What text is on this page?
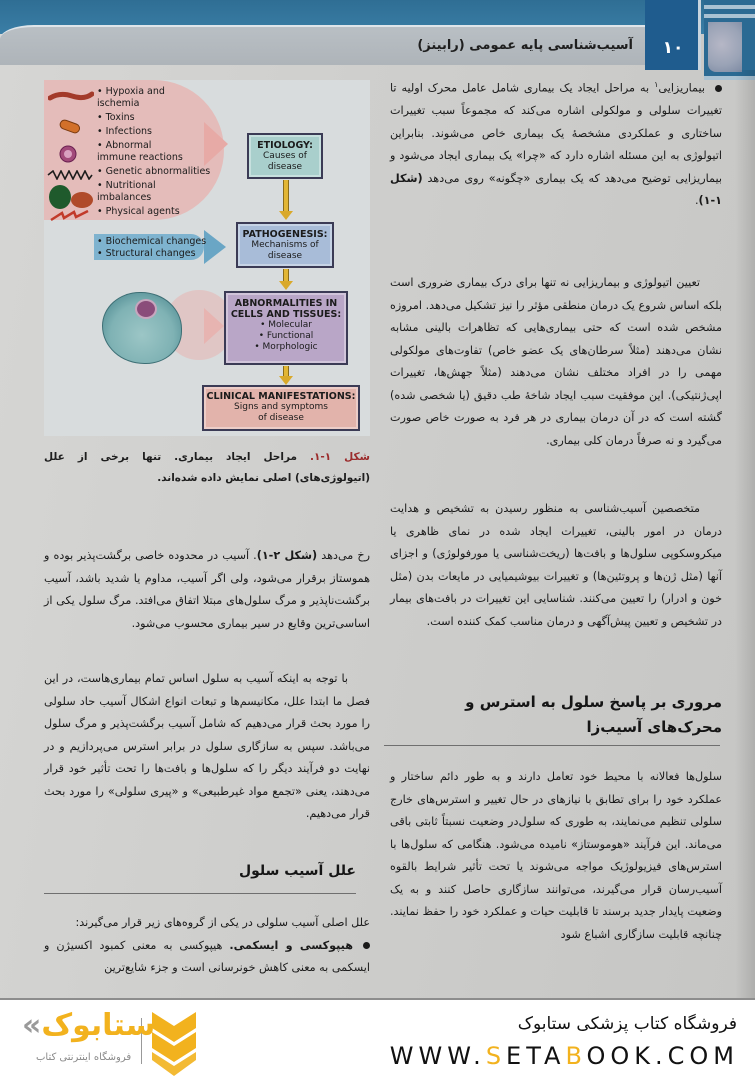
آسیب‌شناسی پایه عمومی (رابینز)	۱۰
• Hypoxia and ischemia
• Toxins
• Infections
• Abnormal immune reactions
• Genetic abnormalities
• Nutritional imbalances
• Physical agents
• Biochemical changes
• Structural changes
ETIOLOGY:
Causes of
disease
PATHOGENESIS:
Mechanisms of
disease
ABNORMALITIES IN
CELLS AND TISSUES:
• Molecular
• Functional
• Morphologic
CLINICAL MANIFESTATIONS:
Signs and symptoms
of disease
شکل ۱-۱. مراحل ایجاد بیماری. تنها برخی از علل (اتیولوژی‌های) اصلی نمایش داده شده‌اند.

بیماریزایی$^۱$ به مراحل ایجاد یک بیماری شامل عامل محرک اولیه تا تغییرات سلولی و مولکولی اشاره می‌کند که مجموعاً سبب تغییرات ساختاری و عملکردی مشخصهٔ یک بیماری خاص می‌شوند. بنابراین اتیولوژی به این مسئله اشاره دارد که «چرا» یک بیماری ایجاد می‌شود و بیماریزایی توضیح می‌دهد که یک بیماری «چگونه» روی می‌دهد (شکل ۱-۱).

تعیین اتیولوژی و بیماریزایی نه تنها برای درک بیماری ضروری است بلکه اساس شروع یک درمان منطقی مؤثر را نیز تشکیل می‌دهد. امروزه مشخص شده است که حتی بیماری‌هایی که تظاهرات بالینی مشابه نشان می‌دهند (مثلاً سرطان‌های یک عضو خاص) تفاوت‌های مولکولی مهمی را در افراد مختلف نشان می‌دهند (مثلاً جهش‌ها، تغییرات اپی‌ژنتیکی). این موفقیت سبب ایجاد شاخهٔ طب دقیق (یا شخصی شده) گشته است که در آن درمان بیماری در هر فرد به صورت خاص صورت می‌گیرد و نه صرفاً درمان کلی بیماری.

متخصصین آسیب‌شناسی به منظور رسیدن به تشخیص و هدایت درمان در امور بالینی، تغییرات ایجاد شده در نمای ظاهری یا میکروسکوپی سلول‌ها و بافت‌ها (ریخت‌شناسی یا مورفولوژی) و اجزای آنها (مثل ژن‌ها و پروتئین‌ها) و تغییرات بیوشیمیایی در مایعات بدن (مثل خون و ادرار) را تعیین می‌کنند. شناسایی این تغییرات در بافت‌های بیمار در تشخیص و تعیین پیش‌آگهی و درمان مناسب کمک کننده است.

مروری بر پاسخ سلول به استرس و محرک‌های آسیب‌زا

سلول‌ها فعالانه با محیط خود تعامل دارند و به طور دائم ساختار و عملکرد خود را برای تطابق با نیازهای در حال تغییر و استرس‌های خارج سلولی تنظیم می‌نمایند، به طوری که سلول‌در وضعیت نسبتاً ثابتی باقی می‌ماند. این فرآیند «هوموستاز» نامیده می‌شود. هنگامی که سلول‌ها با استرس‌های فیزیولوژیک مواجه می‌شوند یا تحت تأثیر شرایط بالقوه آسیب‌رسان قرار می‌گیرند، می‌توانند سازگاری حاصل کنند و به یک وضعیت پایدار جدید برسند تا قابلیت حیات و عملکرد خود را حفظ نمایند. چنانچه قابلیت سازگاری اشباع شود

رخ می‌دهد (شکل ۲-۱). آسیب در محدوده خاصی برگشت‌پذیر بوده و هموستاز برقرار می‌شود، ولی اگر آسیب، مداوم یا شدید باشد، آسیب برگشت‌ناپذیر و مرگ سلول‌های مبتلا اتفاق می‌افتد. مرگ سلول یکی از اساسی‌ترین وقایع در سیر بیماری محسوب می‌شود.

با توجه به اینکه آسیب به سلول اساس تمام بیماری‌هاست، در این فصل ما ابتدا علل، مکانیسم‌ها و تبعات انواع اشکال آسیب حاد سلولی را مورد بحث قرار می‌دهیم که شامل آسیب برگشت‌پذیر و مرگ سلول می‌باشد. سپس به سازگاری سلول در برابر استرس می‌پردازیم و در نهایت دو فرآیند دیگر را که سلول‌ها و بافت‌ها را تحت تأثیر خود قرار می‌دهند، یعنی «تجمع مواد غیرطبیعی» و «پیری سلولی» را مورد بحث قرار می‌دهیم.

علل آسیب سلول

علل اصلی آسیب سلولی در یکی از گروه‌های زیر قرار می‌گیرند:

هیپوکسی و ایسکمی. هیپوکسی به معنی کمبود اکسیژن و ایسکمی به معنی کاهش خونرسانی است و جزء شایع‌ترین

«ستابوک
فروشگاه اینترنتی کتاب
فروشگاه کتاب پزشکی ستابوک
WWW.SETABOOK.COM
